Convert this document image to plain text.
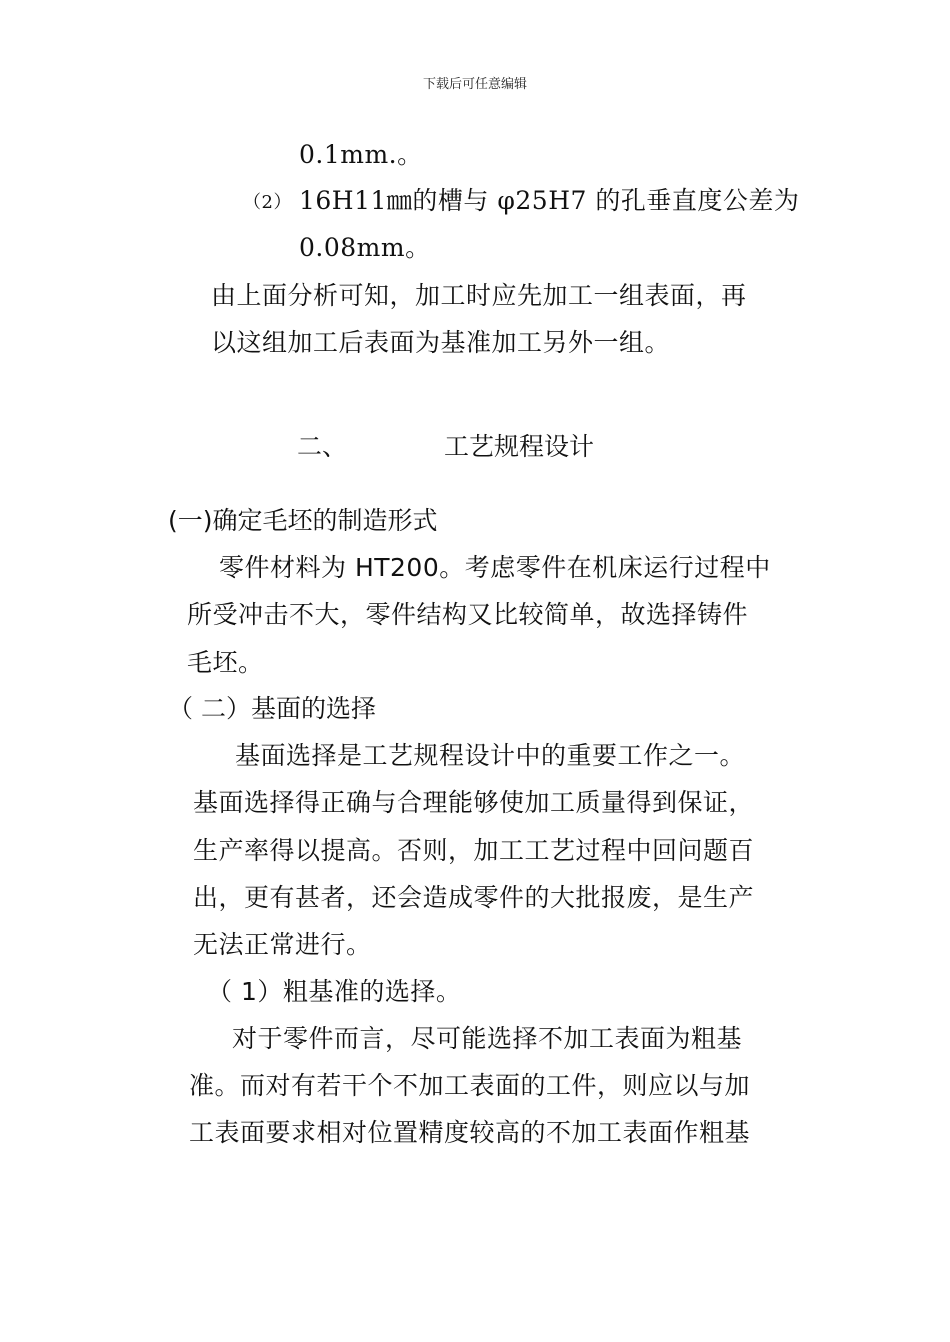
下载后可任意编辑
0.1mm.。
（2） 16H11㎜的槽与 φ25H7 的孔垂直度公差为
0.08mm。
由上面分析可知，加工时应先加工一组表面，再
以这组加工后表面为基准加工另外一组。
二、	工艺规程设计
(一)确定毛坯的制造形式
零件材料为 HT200。考虑零件在机床运行过程中
所受冲击不大，零件结构又比较简单，故选择铸件
毛坯。
（ 二）基面的选择
基面选择是工艺规程设计中的重要工作之一。
基面选择得正确与合理能够使加工质量得到保证，
生产率得以提高。否则，加工工艺过程中回问题百
出，更有甚者，还会造成零件的大批报废，是生产
无法正常进行。
（ 1）粗基准的选择。
对于零件而言，尽可能选择不加工表面为粗基
准。而对有若干个不加工表面的工件，则应以与加
工表面要求相对位置精度较高的不加工表面作粗基
